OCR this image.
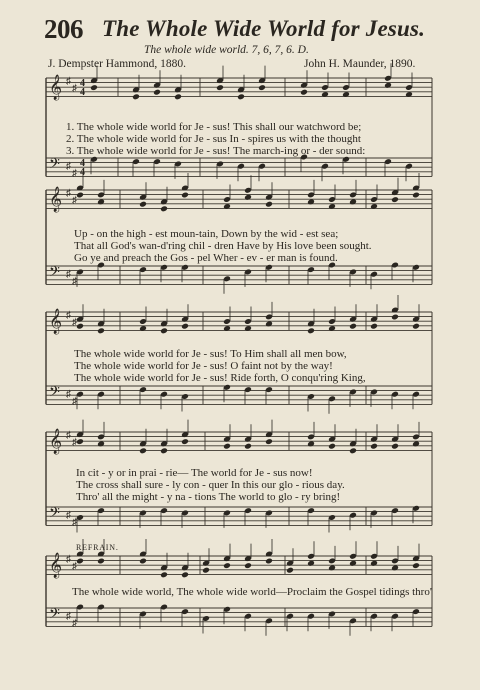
206 The Whole Wide World for Jesus.
The whole wide world. 7, 6, 7, 6. D.
J. Dempster Hammond, 1880.	John H. Maunder, 1890.
𝄞
𝄢
♯
♯
♯
♯
4
4
4
4
𝄞
𝄢
♯
♯
♯
♯
𝄞
𝄢
♯
♯
♯
♯
𝄞
𝄢
♯
♯
♯
♯
𝄞
𝄢
♯
♯
♯
♯
1. The whole wide world for Je - sus! This shall our watchword be;
2. The whole wide world for Je - sus In - spires us with the thought
3. The whole wide world for Je - sus! The march-ing or - der sound:
Up - on the high - est moun-tain, Down by the wid - est sea;
That all God's wan-d'ring chil - dren Have by His love been sought.
Go ye and preach the Gos - pel Wher - ev - er man is found.
The whole wide world for Je - sus! To Him shall all men bow,
The whole wide world for Je - sus! O faint not by the way!
The whole wide world for Je - sus! Ride forth, O conqu'ring King,
In cit - y or in prai - rie— The world for Je - sus now!
The cross shall sure - ly con - quer In this our glo - rious day.
Thro' all the might - y na - tions The world to glo - ry bring!
REFRAIN.
The whole wide world, The whole wide world—Proclaim the Gospel tidings thro'
